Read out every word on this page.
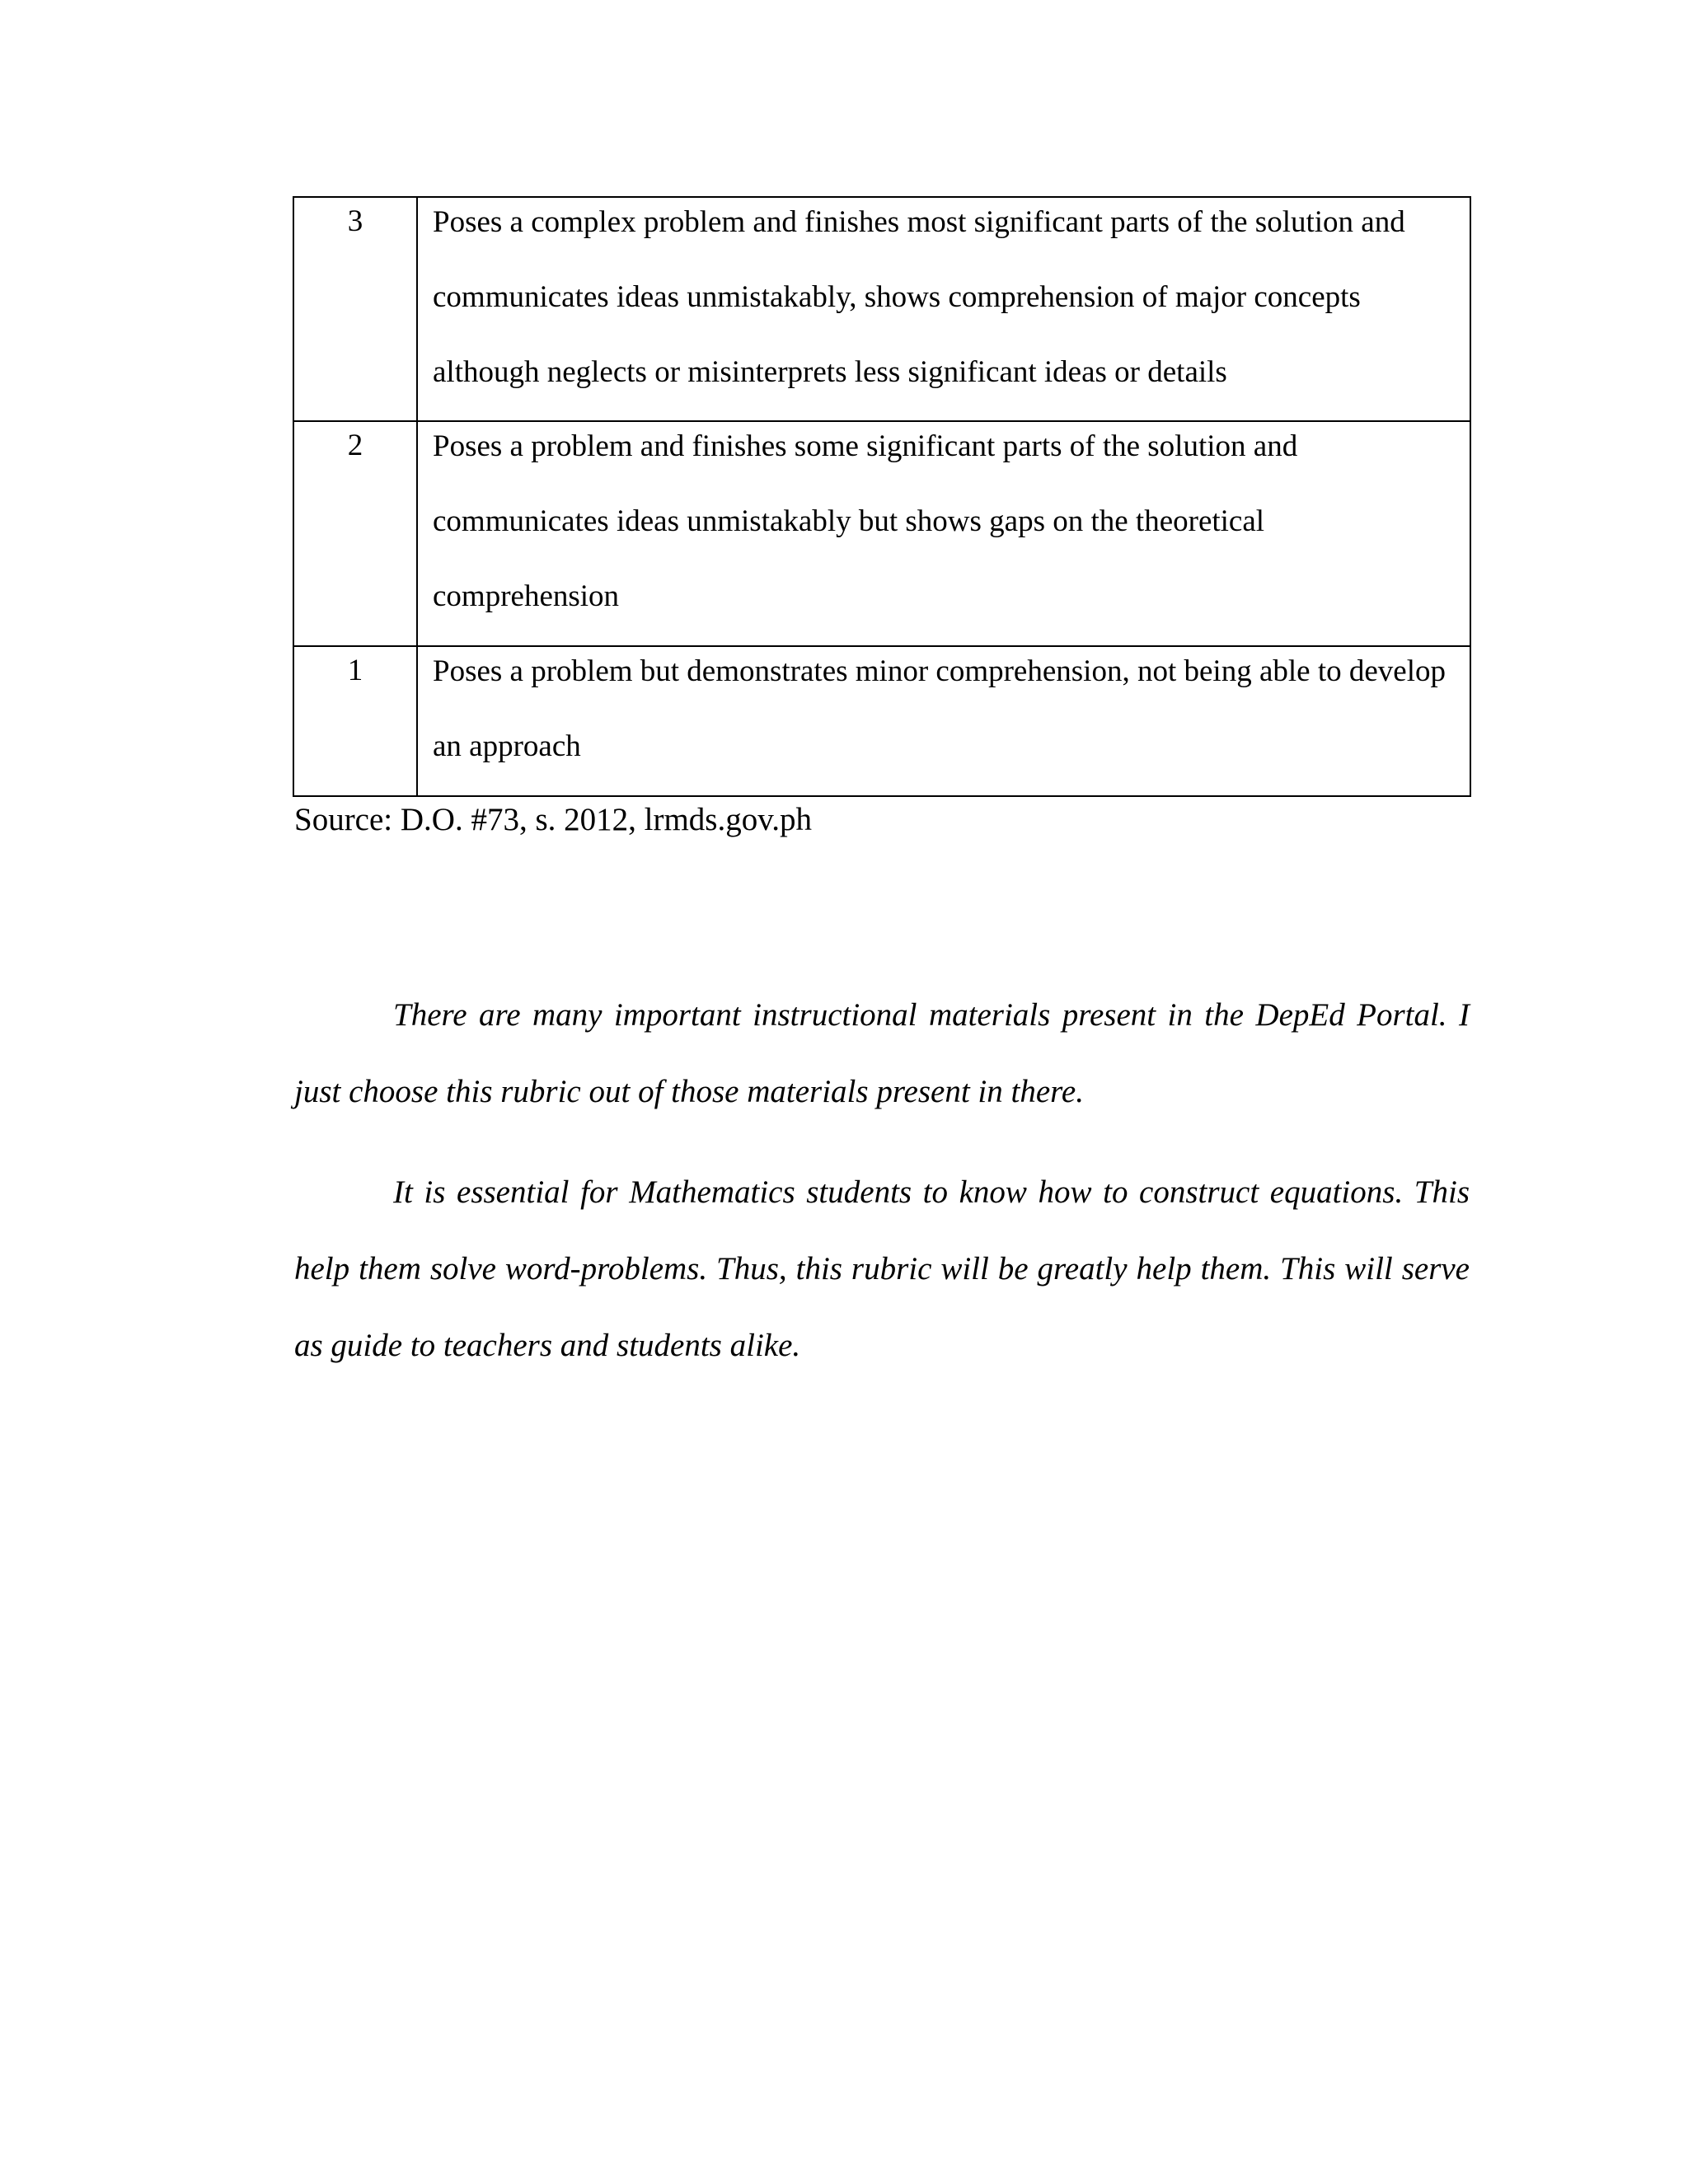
3	Poses a complex problem and finishes most significant parts of the solution and communicates ideas unmistakably, shows comprehension of major concepts although neglects or misinterprets less significant ideas or details

2	Poses a problem and finishes some significant parts of the solution and communicates ideas unmistakably but shows gaps on the theoretical comprehension

1	Poses a problem but demonstrates minor comprehension, not being able to develop an approach
Source: D.O. #73, s. 2012, lrmds.gov.ph

There are many important instructional materials present in the DepEd Portal. I just choose this rubric out of those materials present in there.

It is essential for Mathematics students to know how to construct equations. This help them solve word-problems. Thus, this rubric will be greatly help them. This will serve as guide to teachers and students alike.
